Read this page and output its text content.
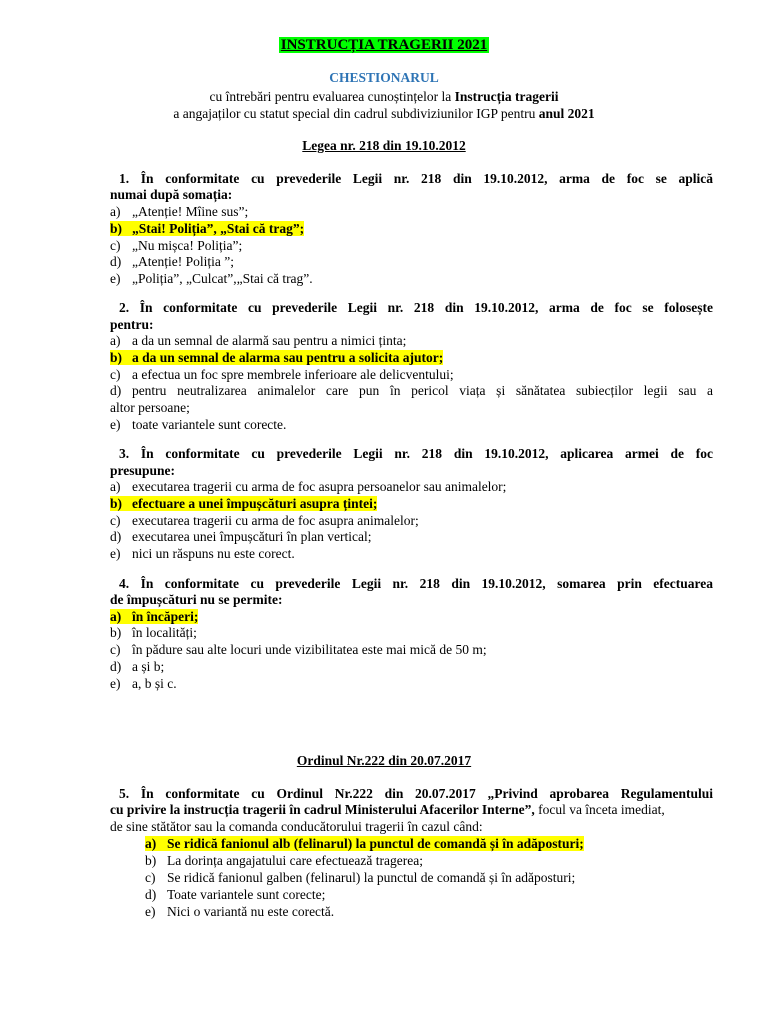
INSTRUCȚIA TRAGERII 2021
CHESTIONARUL
cu întrebări pentru evaluarea cunoștințelor la Instrucția tragerii
a angajaților cu statut special din cadrul subdiviziunilor IGP pentru anul 2021
Legea nr. 218 din 19.10.2012
1. În conformitate cu prevederile Legii nr. 218 din 19.10.2012, arma de foc se aplică
numai după somația:
a) „Atenție! Mîine sus”;
b) „Stai! Poliția”, „Stai că trag”;
c) „Nu mișca! Poliția”;
d) „Atenție! Poliția ”;
e) „Poliția”, „Culcat”,„Stai că trag”.
2. În conformitate cu prevederile Legii nr. 218 din 19.10.2012, arma de foc se folosește
pentru:
a) a da un semnal de alarmă sau pentru a nimici ținta;
b) a da un semnal de alarma sau pentru a solicita ajutor;
c) a efectua un foc spre membrele inferioare ale delicventului;
d) pentru neutralizarea animalelor care pun în pericol viața și sănătatea subiecților legii sau a
altor persoane;
e) toate variantele sunt corecte.
3. În conformitate cu prevederile Legii nr. 218 din 19.10.2012, aplicarea armei de foc
presupune:
a) executarea tragerii cu arma de foc asupra persoanelor sau animalelor;
b) efectuare a unei împușcături asupra țintei;
c) executarea tragerii cu arma de foc asupra animalelor;
d) executarea unei împușcături în plan vertical;
e) nici un răspuns nu este corect.
4. În conformitate cu prevederile Legii nr. 218 din 19.10.2012, somarea prin efectuarea
de împușcături nu se permite:
a) în încăperi;
b) în localități;
c) în pădure sau alte locuri unde vizibilitatea este mai mică de 50 m;
d) a și b;
e) a, b și c.
Ordinul Nr.222 din 20.07.2017
5. În conformitate cu Ordinul Nr.222 din 20.07.2017 „Privind aprobarea Regulamentului
cu privire la instrucția tragerii în cadrul Ministerului Afacerilor Interne”, focul va înceta imediat,
de sine stătător sau la comanda conducătorului tragerii în cazul când:
a) Se ridică fanionul alb (felinarul) la punctul de comandă și în adăposturi;
b) La dorința angajatului care efectuează tragerea;
c) Se ridică fanionul galben (felinarul) la punctul de comandă și în adăposturi;
d) Toate variantele sunt corecte;
e) Nici o variantă nu este corectă.
